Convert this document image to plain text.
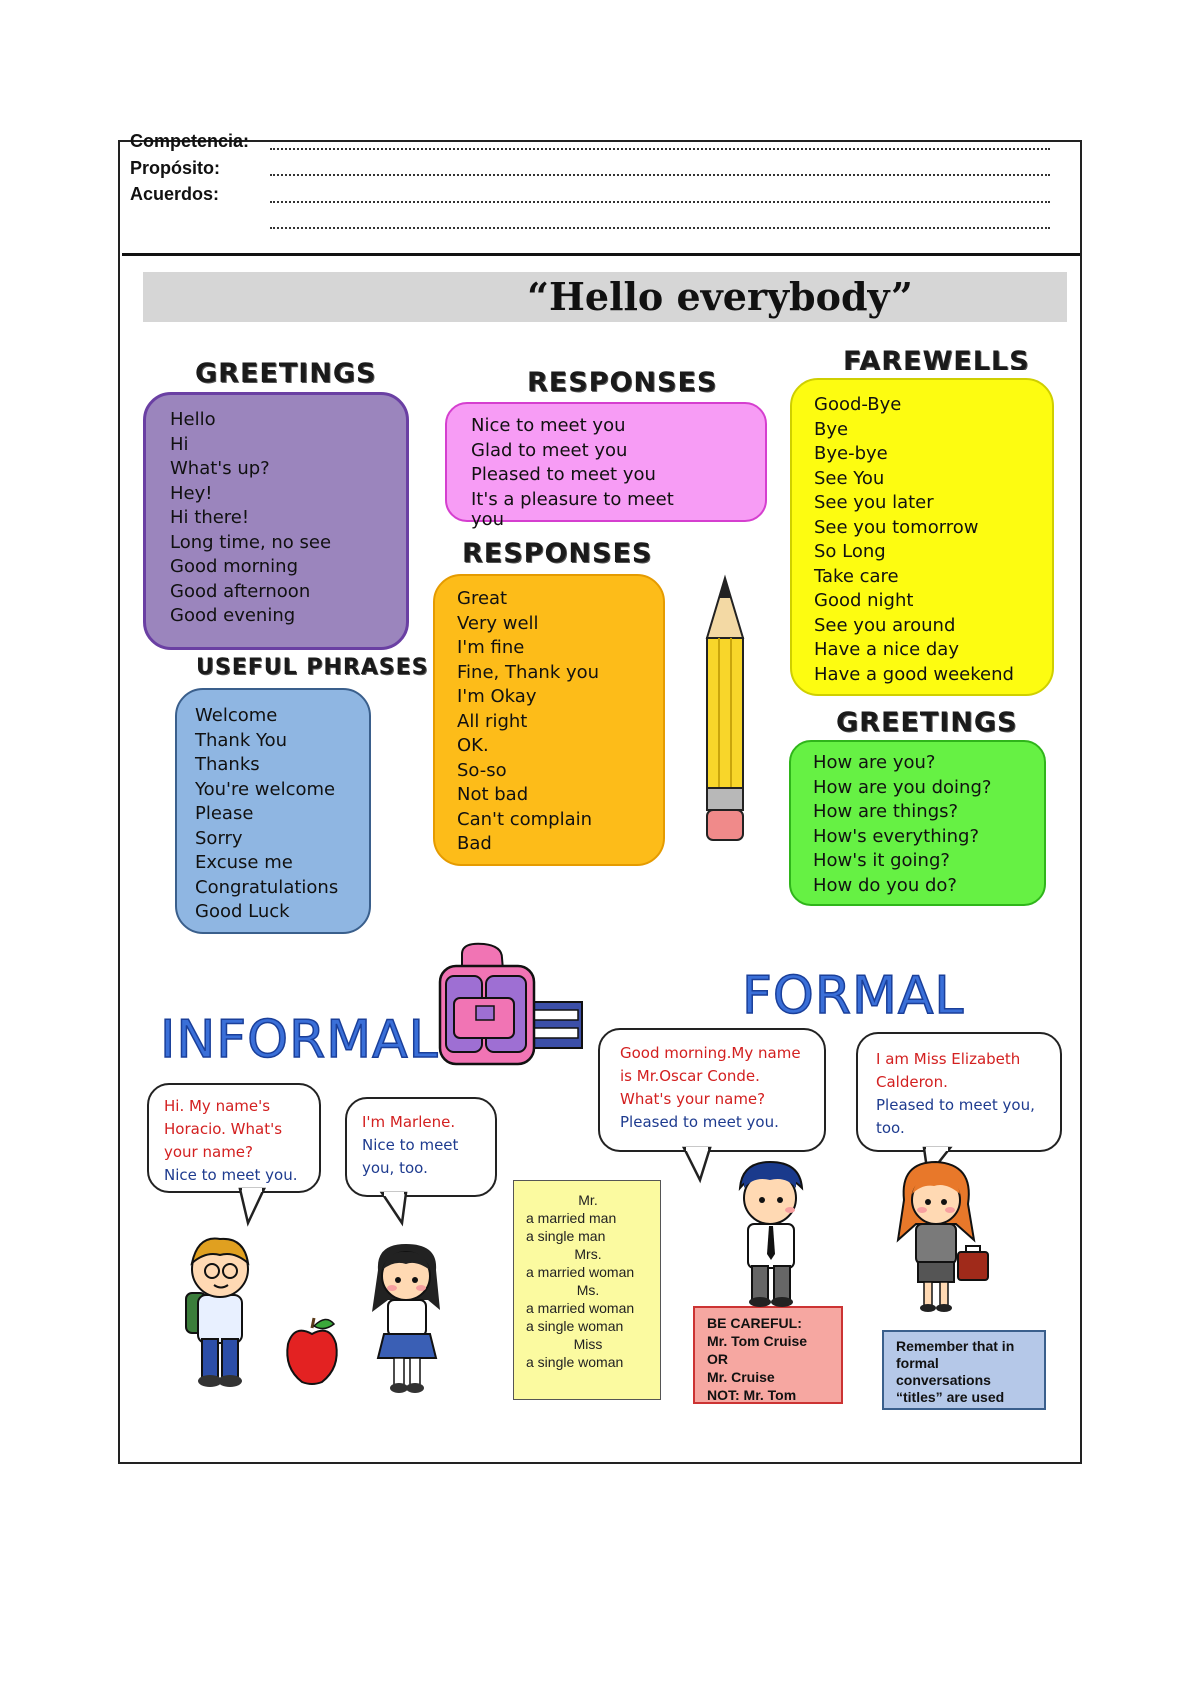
Competencia:
Propósito:
Acuerdos:
“Hello everybody”
GREETINGS
Hello
Hi
What's up?
Hey!
Hi there!
Long time, no see
Good morning
Good afternoon
Good evening
USEFUL PHRASES
Welcome
Thank You
Thanks
You're welcome
Please
Sorry
Excuse me
Congratulations
Good Luck
RESPONSES
Nice to meet you
Glad to meet you
Pleased to meet you
It's a pleasure to meet
you
RESPONSES
Great
Very well
I'm fine
Fine, Thank you
I'm Okay
All right
OK.
So-so
Not bad
Can't complain
Bad
FAREWELLS
Good-Bye
Bye
Bye-bye
See You
See you later
See you tomorrow
So Long
Take care
Good night
See you around
Have a nice day
Have a good weekend
GREETINGS
How are you?
How are you doing?
How are things?
How's everything?
How's it going?
How do you do?
INFORMAL
FORMAL
Hi. My name's
Horacio. What's
your name?
Nice to meet you.
I'm Marlene.
Nice to meet
you, too.
Good morning.My name
is Mr.Oscar Conde.
What's your name?
Pleased to meet you.
I am Miss Elizabeth
Calderon.
Pleased to meet you,
too.
Mr.
a married man
a single man
Mrs.
a married woman
Ms.
a married woman
a single woman
Miss
a single woman
BE CAREFUL:
Mr. Tom Cruise
OR
Mr. Cruise
NOT: Mr. Tom
Remember that in
formal
conversations
“titles” are used
